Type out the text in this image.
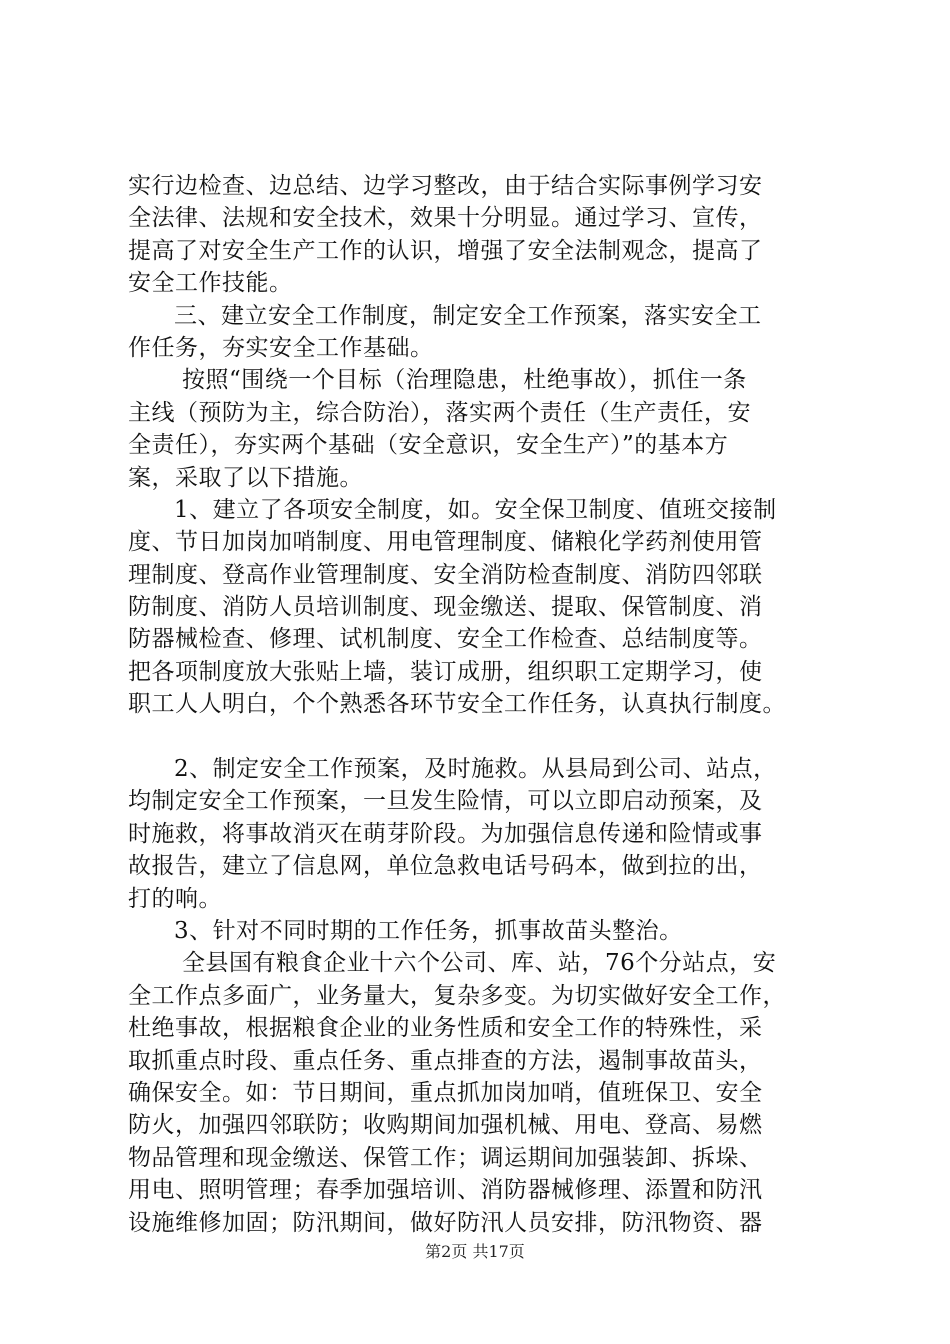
实行边检查、边总结、边学习整改，由于结合实际事例学习安
全法律、法规和安全技术，效果十分明显。通过学习、宣传，
提高了对安全生产工作的认识，增强了安全法制观念，提高了
安全工作技能。
三、建立安全工作制度，制定安全工作预案，落实安全工
作任务，夯实安全工作基础。
按照“围绕一个目标（治理隐患，杜绝事故），抓住一条
主线（预防为主，综合防治），落实两个责任（生产责任，安
全责任），夯实两个基础（安全意识，安全生产）”的基本方
案，采取了以下措施。
1、建立了各项安全制度，如。安全保卫制度、值班交接制
度、节日加岗加哨制度、用电管理制度、储粮化学药剂使用管
理制度、登高作业管理制度、安全消防检查制度、消防四邻联
防制度、消防人员培训制度、现金缴送、提取、保管制度、消
防器械检查、修理、试机制度、安全工作检查、总结制度等。
把各项制度放大张贴上墙，装订成册，组织职工定期学习，使
职工人人明白，个个熟悉各环节安全工作任务，认真执行制度。
2、制定安全工作预案，及时施救。从县局到公司、站点，
均制定安全工作预案，一旦发生险情，可以立即启动预案，及
时施救，将事故消灭在萌芽阶段。为加强信息传递和险情或事
故报告，建立了信息网，单位急救电话号码本，做到拉的出，
打的响。
3、针对不同时期的工作任务，抓事故苗头整治。
全县国有粮食企业十六个公司、库、站，76个分站点，安
全工作点多面广，业务量大，复杂多变。为切实做好安全工作，
杜绝事故，根据粮食企业的业务性质和安全工作的特殊性，采
取抓重点时段、重点任务、重点排查的方法，遏制事故苗头，
确保安全。如：节日期间，重点抓加岗加哨，值班保卫、安全
防火，加强四邻联防；收购期间加强机械、用电、登高、易燃
物品管理和现金缴送、保管工作；调运期间加强装卸、拆垛、
用电、照明管理；春季加强培训、消防器械修理、添置和防汛
设施维修加固；防汛期间，做好防汛人员安排，防汛物资、器
第2页 共17页
